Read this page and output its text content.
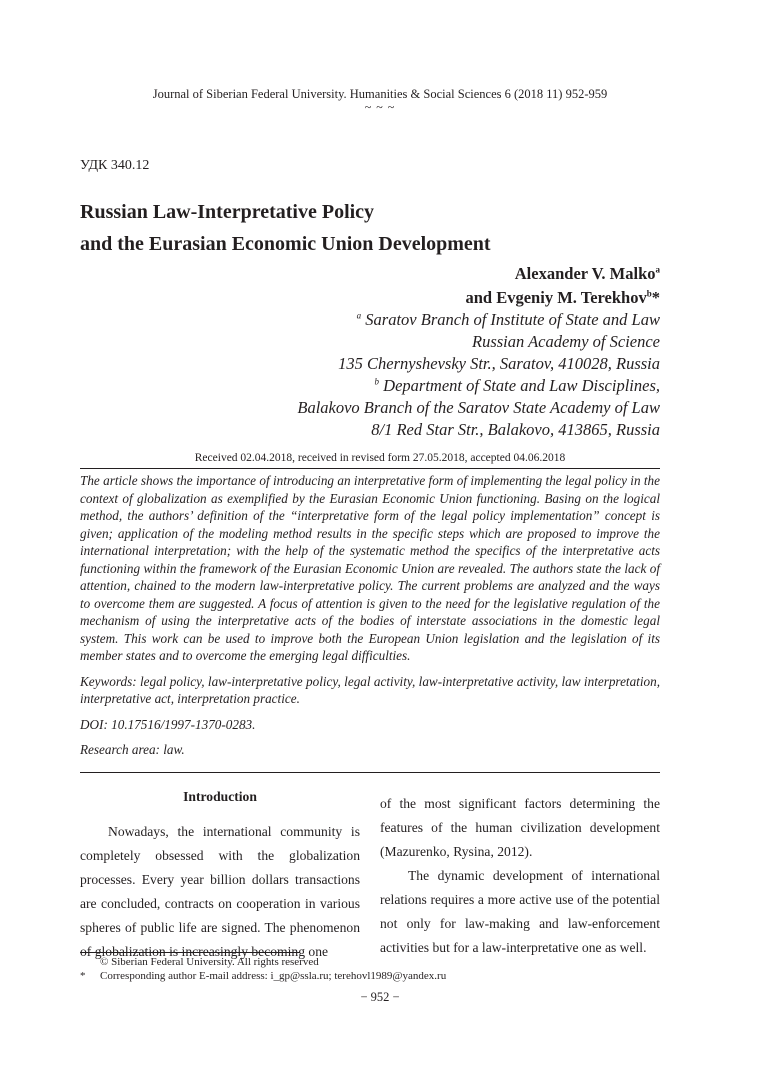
Journal of Siberian Federal University. Humanities & Social Sciences 6 (2018 11) 952-959
~ ~ ~
УДК 340.12
Russian Law-Interpretative Policy
and the Eurasian Economic Union Development
Alexander V. Malko$^a$
and Evgeniy M. Terekhov$^b$*
$^a$ Saratov Branch of Institute of State and Law
Russian Academy of Science
135 Chernyshevsky Str., Saratov, 410028, Russia
$^b$ Department of State and Law Disciplines,
Balakovo Branch of the Saratov State Academy of Law
8/1 Red Star Str., Balakovo, 413865, Russia
Received 02.04.2018, received in revised form 27.05.2018, accepted 04.06.2018

The article shows the importance of introducing an interpretative form of implementing the legal policy in the context of globalization as exemplified by the Eurasian Economic Union functioning. Basing on the logical method, the authors’ definition of the “interpretative form of the legal policy implementation” concept is given; application of the modeling method results in the specific steps which are proposed to improve the international interpretation; with the help of the systematic method the specifics of the interpretative acts functioning within the framework of the Eurasian Economic Union are revealed. The authors state the lack of attention, chained to the modern law-interpretative policy. The current problems are analyzed and the ways to overcome them are suggested. A focus of attention is given to the need for the legislative regulation of the mechanism of using the interpretative acts of the bodies of interstate associations in the domestic legal system. This work can be used to improve both the European Union legislation and the legislation of its member states and to overcome the emerging legal difficulties.

Keywords: legal policy, law-interpretative policy, legal activity, law-interpretative activity, law interpretation, interpretative act, interpretation practice.

DOI: 10.17516/1997-1370-0283.

Research area: law.

Introduction

Nowadays, the international community is completely obsessed with the globalization processes. Every year billion dollars transactions are concluded, contracts on cooperation in various spheres of public life are signed. The phenomenon of globalization is increasingly becoming one

of the most significant factors determining the features of the human civilization development (Mazurenko, Rysina, 2012).

The dynamic development of international relations requires a more active use of the potential not only for law-making and law-enforcement activities but for a law-interpretative one as well.

© Siberian Federal University. All rights reserved
* Corresponding author E-mail address: i_gp@ssla.ru; terehovl1989@yandex.ru
− 952 −
